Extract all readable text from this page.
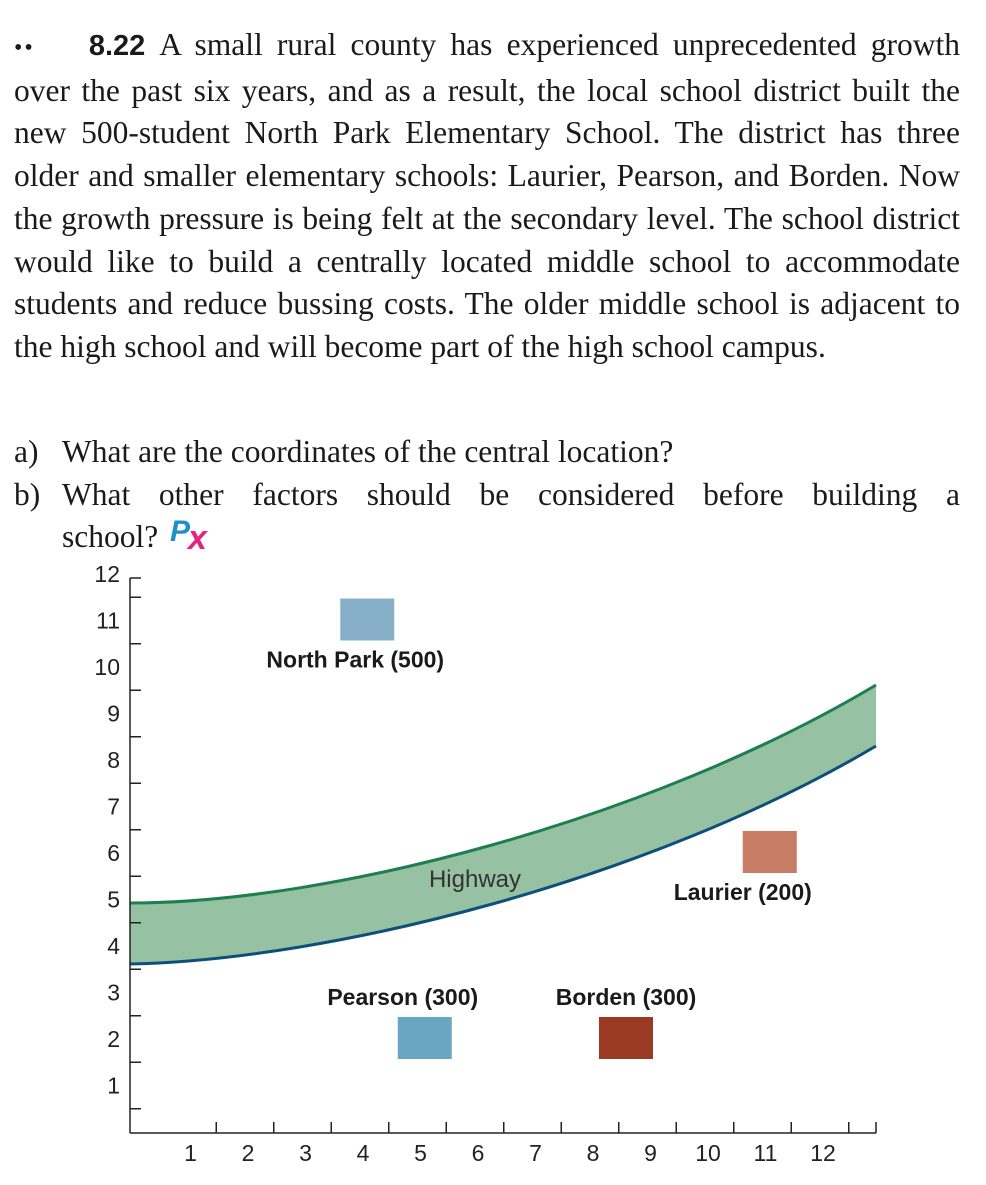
•• 8.22 A small rural county has experienced unprecedented growth over the past six years, and as a result, the local school district built the new 500-student North Park Elementary School. The district has three older and smaller elementary schools: Laurier, Pearson, and Borden. Now the growth pressure is being felt at the secondary level. The school district would like to build a centrally located middle school to accommodate students and reduce bussing costs. The older middle school is adjacent to the high school and will become part of the high school campus.

a) What are the coordinates of the central location?
b) What other factors should be considered before building a
school? P
x
Highway
1
2
3
4
5
6
7
8
9
10
11
12
1 2 3 4 5 6 7 8 9 10 11 12
North Park (500)
Pearson (300)	Borden (300)
Laurier (200)
